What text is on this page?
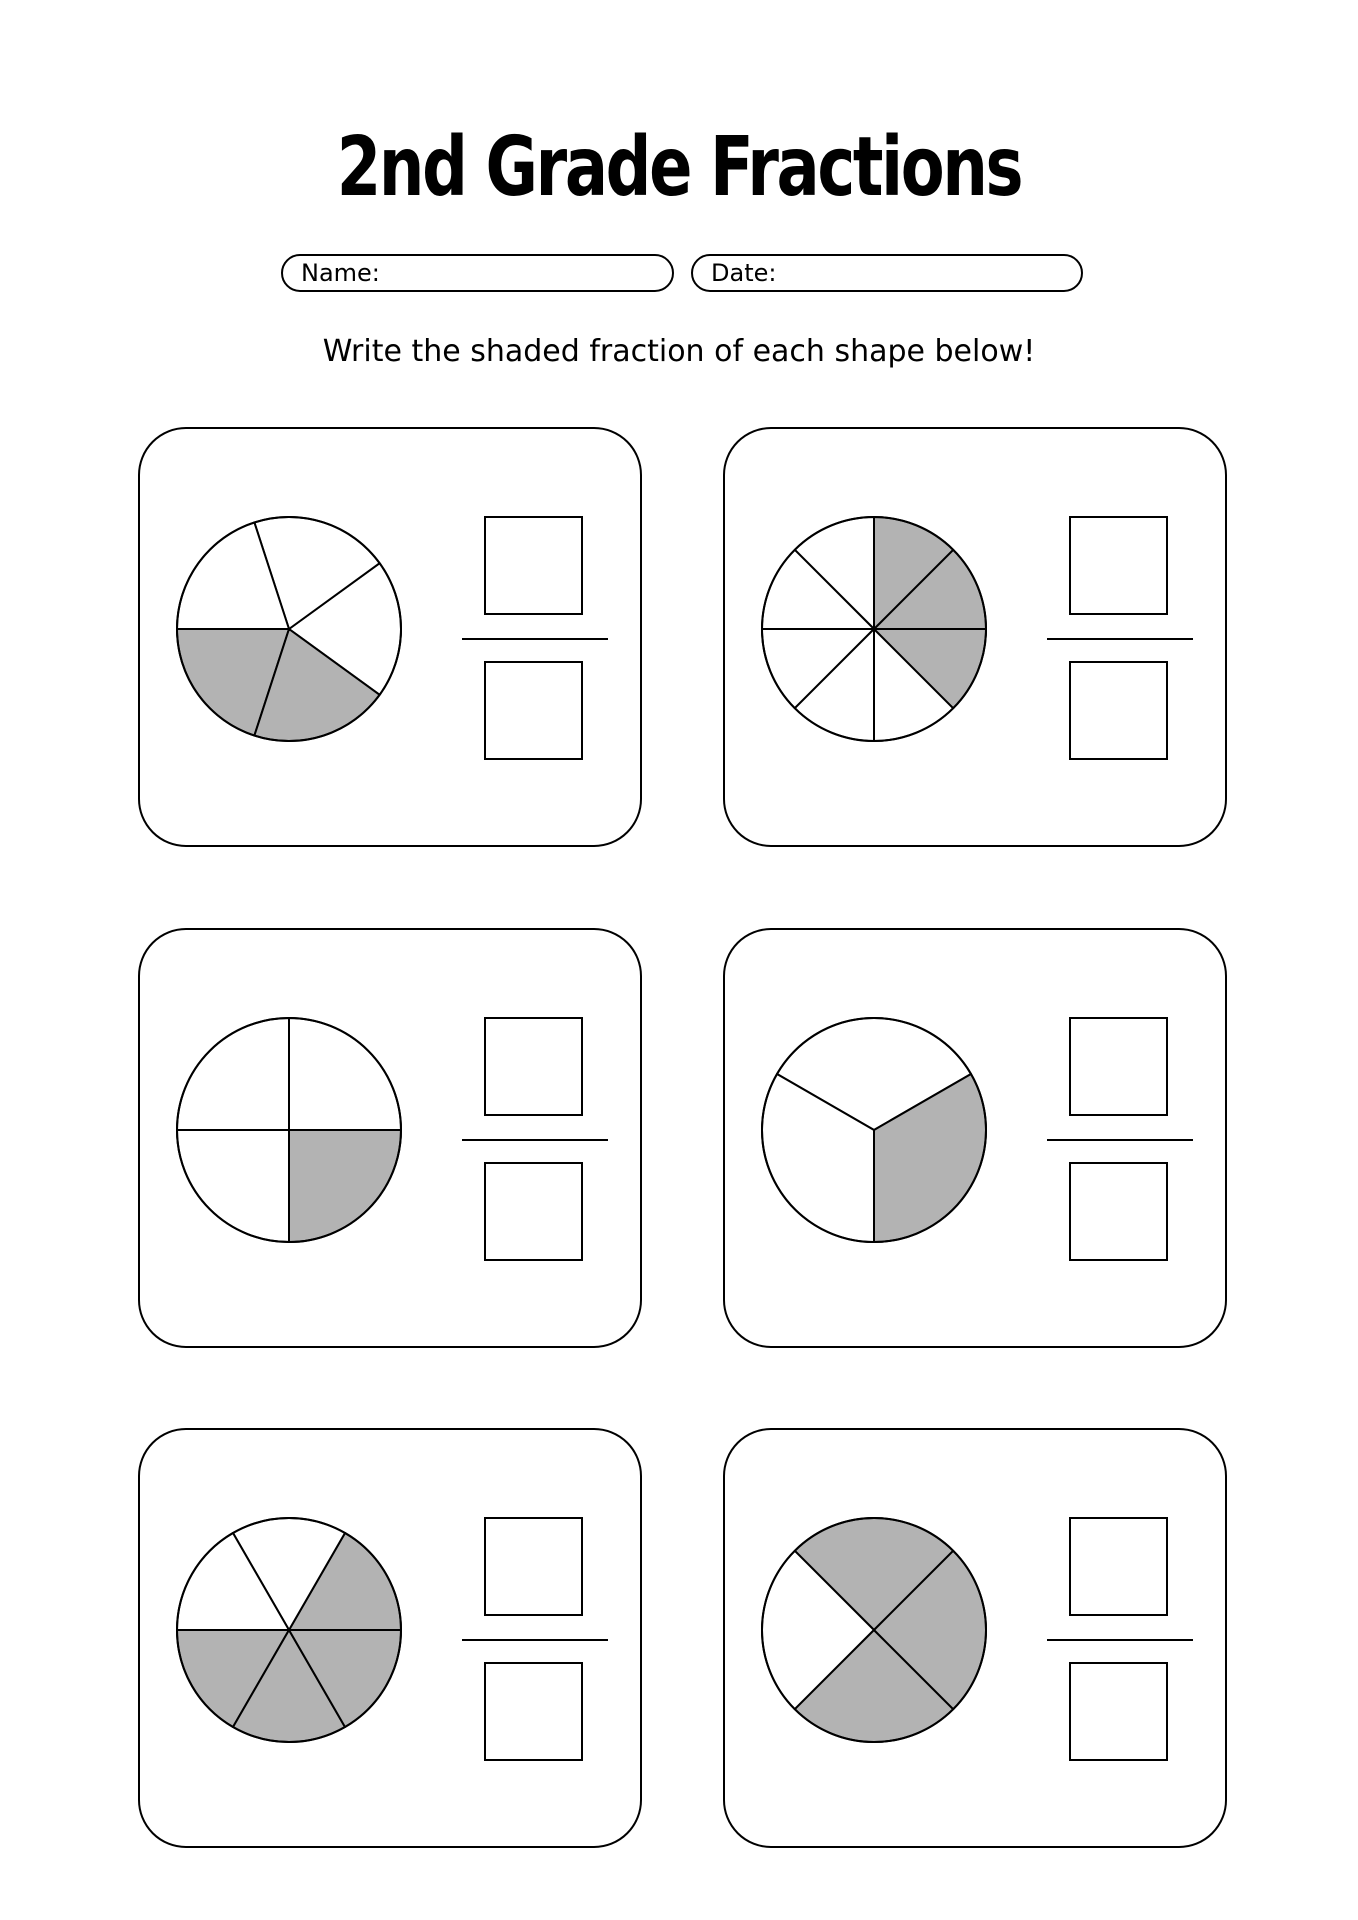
2nd Grade Fractions
Name:	Date:
Write the shaded fraction of each shape below!
